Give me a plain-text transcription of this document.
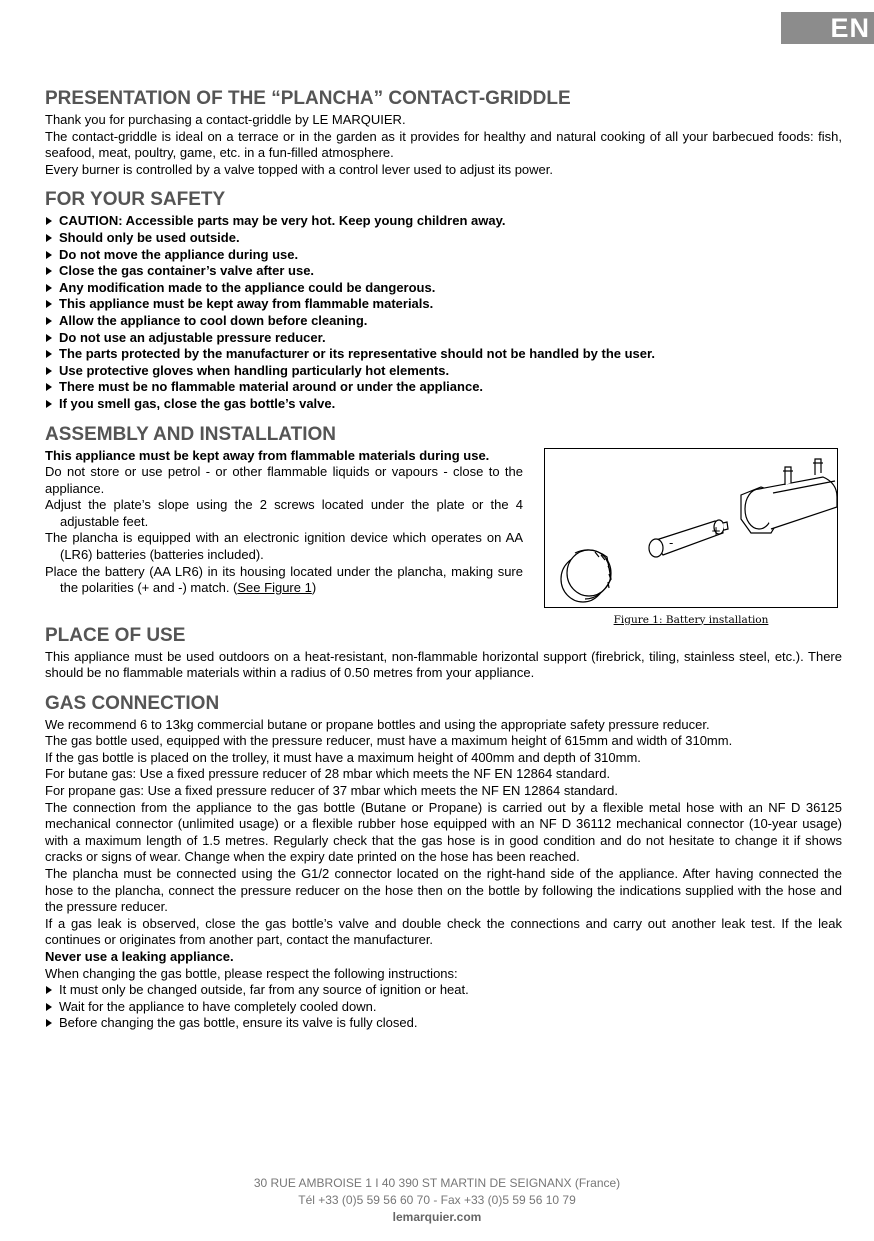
EN
PRESENTATION OF THE “PLANCHA” CONTACT-GRIDDLE

Thank you for purchasing a contact-griddle by LE MARQUIER.

The contact-griddle is ideal on a terrace or in the garden as it provides for healthy and natural cooking of all your barbecued foods: fish, seafood, meat, poultry, game, etc. in a fun-filled atmosphere.

Every burner is controlled by a valve topped with a control lever used to adjust its power.

FOR YOUR SAFETY
CAUTION: Accessible parts may be very hot. Keep young children away.
Should only be used outside.
Do not move the appliance during use.
Close the gas container’s valve after use.
Any modification made to the appliance could be dangerous.
This appliance must be kept away from flammable materials.
Allow the appliance to cool down before cleaning.
Do not use an adjustable pressure reducer.
The parts protected by the manufacturer or its representative should not be handled by the user.
Use protective gloves when handling particularly hot elements.
There must be no flammable material around or under the appliance.
If you smell gas, close the gas bottle’s valve.
ASSEMBLY AND INSTALLATION

This appliance must be kept away from flammable materials during use.

Do not store or use petrol - or other flammable liquids or vapours - close to the appliance.

Adjust the plate’s slope using the 2 screws located under the plate or the 4 adjustable feet.

The plancha is equipped with an electronic ignition device which operates on AA (LR6) batteries (batteries included).

Place the battery (AA LR6) in its housing located under the plancha, making sure the polarities (+ and -) match. (See Figure 1)

+
-
Figure 1: Battery installation
PLACE OF USE

This appliance must be used outdoors on a heat-resistant, non-flammable horizontal support (firebrick, tiling, stainless steel, etc.). There should be no flammable materials within a radius of 0.50 metres from your appliance.

GAS CONNECTION

We recommend 6 to 13kg commercial butane or propane bottles and using the appropriate safety pressure reducer.

The gas bottle used, equipped with the pressure reducer, must have a maximum height of 615mm and width of 310mm.

If the gas bottle is placed on the trolley, it must have a maximum height of 400mm and depth of 310mm.

For butane gas: Use a fixed pressure reducer of 28 mbar which meets the NF EN 12864 standard.

For propane gas: Use a fixed pressure reducer of 37 mbar which meets the NF EN 12864 standard.

The connection from the appliance to the gas bottle (Butane or Propane) is carried out by a flexible metal hose with an NF D 36125 mechanical connector (unlimited usage) or a flexible rubber hose equipped with an NF D 36112 mechanical connector (10-year usage) with a maximum length of 1.5 metres. Regularly check that the gas hose is in good condition and do not hesitate to change it if shows cracks or signs of wear. Change when the expiry date printed on the hose has been reached.

The plancha must be connected using the G1/2 connector located on the right-hand side of the appliance. After having connected the hose to the plancha, connect the pressure reducer on the hose then on the bottle by following the indications supplied with the hose and the pressure reducer.

If a gas leak is observed, close the gas bottle’s valve and double check the connections and carry out another leak test. If the leak continues or originates from another part, contact the manufacturer.

Never use a leaking appliance.

When changing the gas bottle, please respect the following instructions:

It must only be changed outside, far from any source of ignition or heat.
Wait for the appliance to have completely cooled down.
Before changing the gas bottle, ensure its valve is fully closed.
30 RUE AMBROISE 1 I 40 390 ST MARTIN DE SEIGNANX (France)
Tél +33 (0)5 59 56 60 70 - Fax +33 (0)5 59 56 10 79
lemarquier.com
